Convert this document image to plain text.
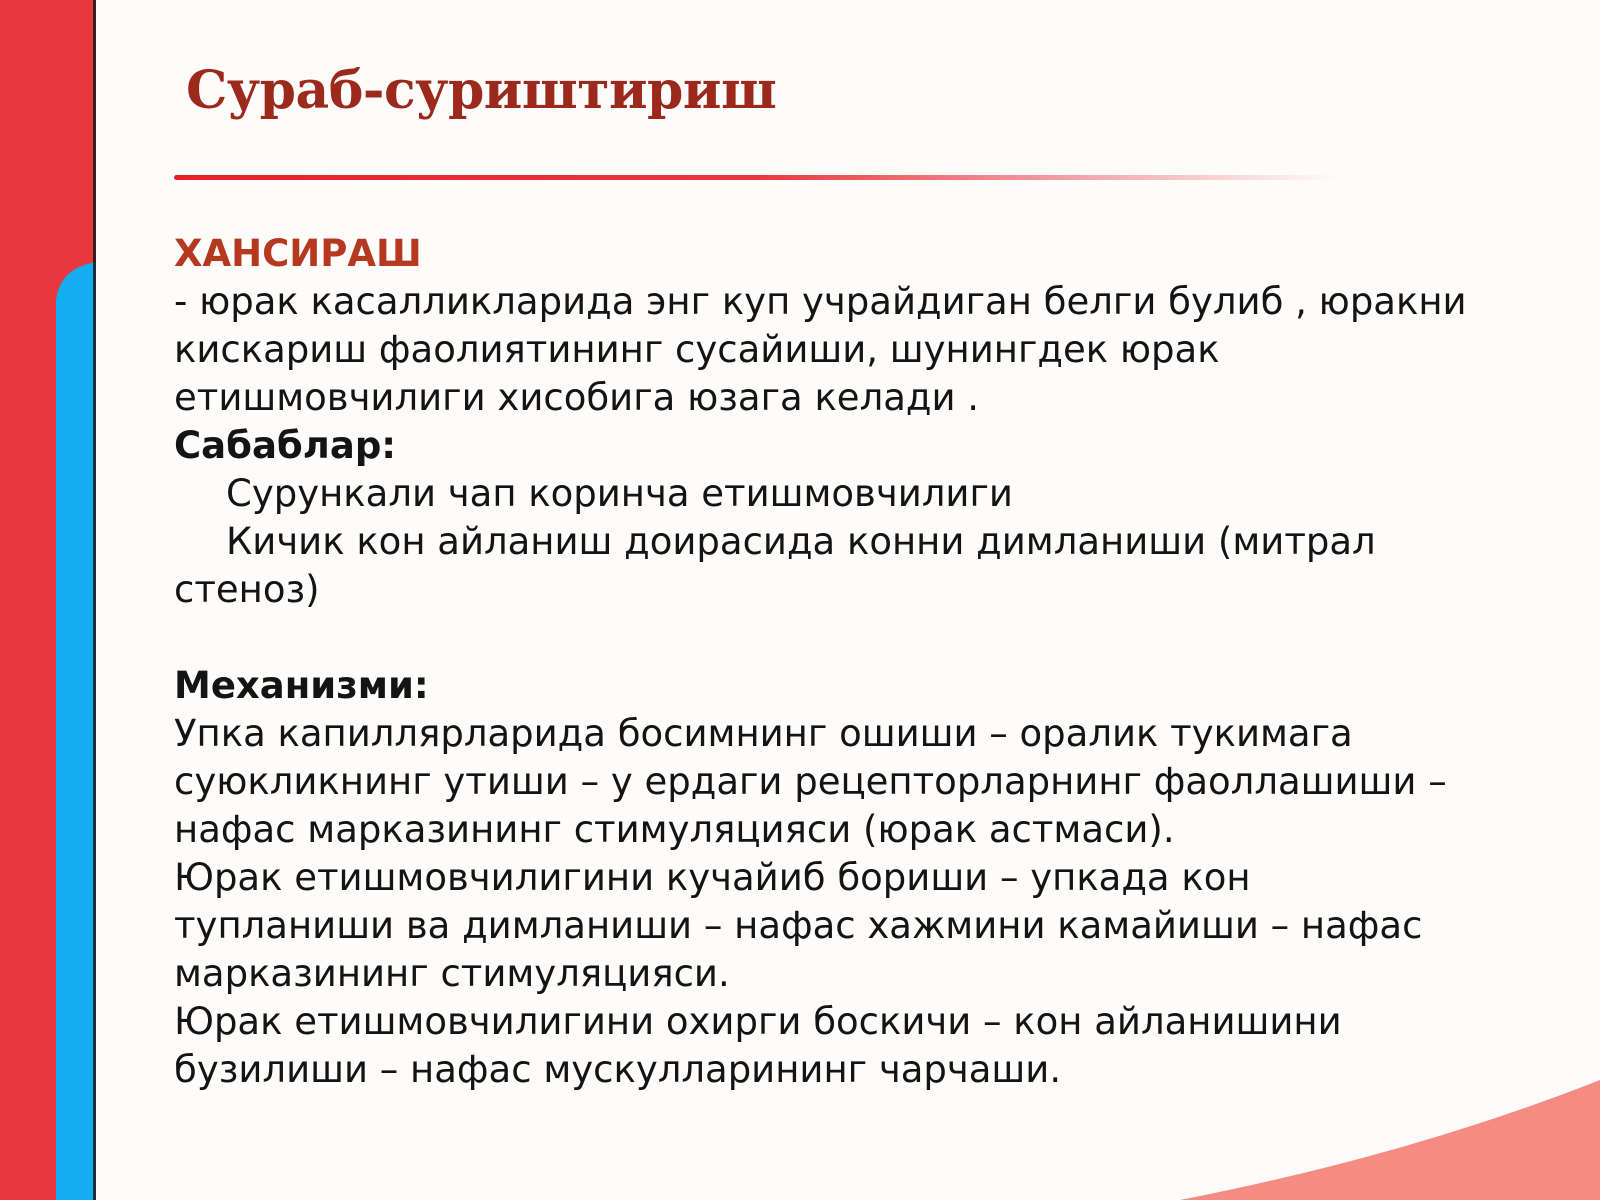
Сураб-суриштириш

ХАНСИРАШ

- юрак касалликларида энг куп учрайдиган белги булиб , юракни кискариш фаолиятининг сусайиши, шунингдек юрак етишмовчилиги хисобига юзага келади .

Сабаблар:

Сурункали чап коринча етишмовчилиги

Кичик кон айланиш доирасида конни димланиши (митрал стеноз)

Механизми:

Упка капиллярларида босимнинг ошиши – оралик тукимага суюкликнинг утиши – у ердаги рецепторларнинг фаоллашиши – нафас марказининг стимуляцияси (юрак астмаси).

Юрак етишмовчилигини кучайиб бориши – упкада кон тупланиши ва димланиши – нафас хажмини камайиши – нафас марказининг стимуляцияси.

Юрак етишмовчилигини охирги боскичи – кон айланишини бузилиши – нафас мускулларининг чарчаши.
